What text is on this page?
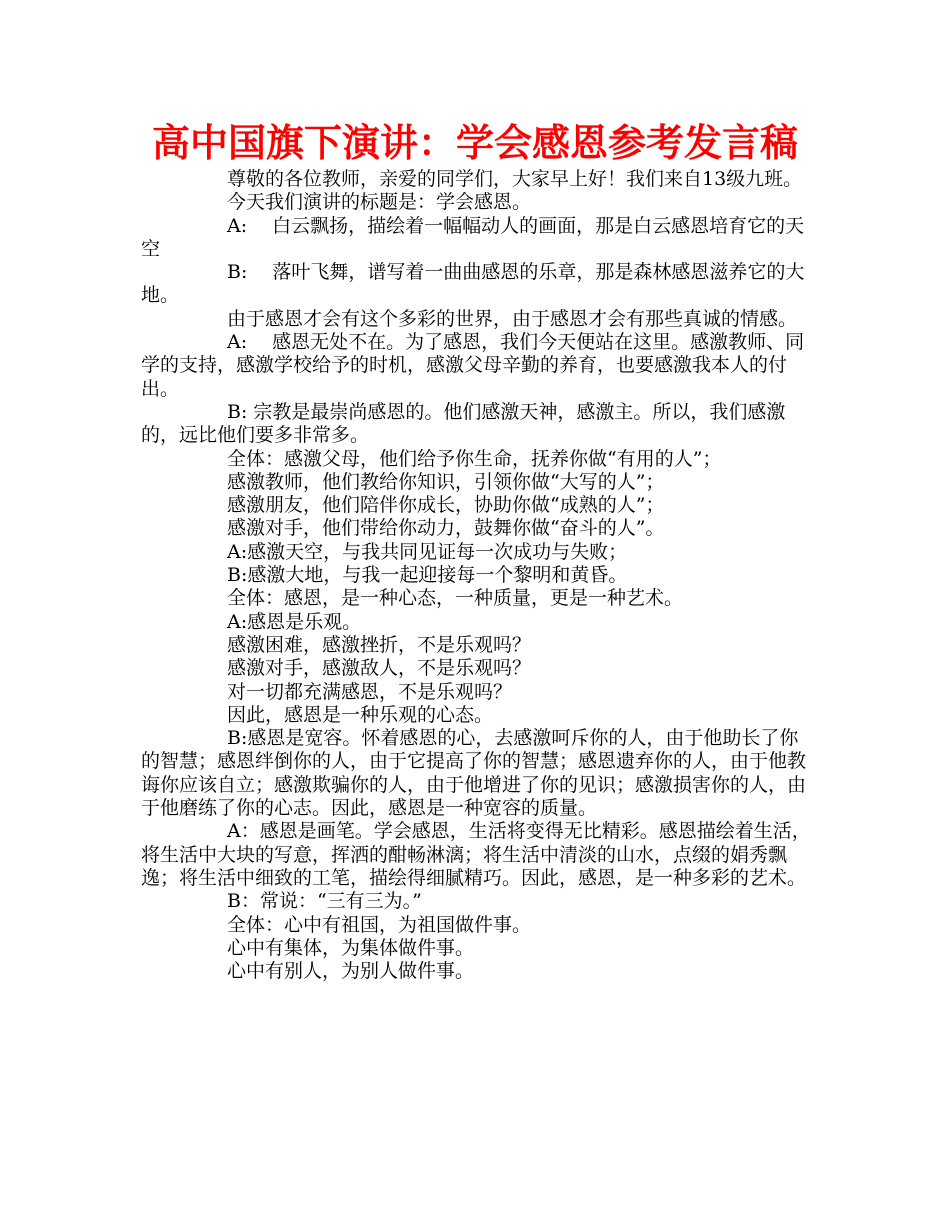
高中国旗下演讲：学会感恩参考发言稿

尊敬的各位教师，亲爱的同学们，大家早上好！我们来自13级九班。

今天我们演讲的标题是：学会感恩。

A:　 白云飘扬，描绘着一幅幅动人的画面，那是白云感恩培育它的天空

B:　 落叶飞舞，谱写着一曲曲感恩的乐章，那是森林感恩滋养它的大地。

由于感恩才会有这个多彩的世界，由于感恩才会有那些真诚的情感。

A:　 感恩无处不在。为了感恩，我们今天便站在这里。感激教师、同学的支持，感激学校给予的时机，感激父母辛勤的养育，也要感激我本人的付出。

B: 宗教是最崇尚感恩的。他们感激天神，感激主。所以，我们感激的，远比他们要多非常多。

全体：感激父母，他们给予你生命，抚养你做“有用的人”；

感激教师，他们教给你知识，引领你做“大写的人”；

感激朋友，他们陪伴你成长，协助你做“成熟的人”；

感激对手，他们带给你动力，鼓舞你做“奋斗的人”。

A:感激天空，与我共同见证每一次成功与失败；

B:感激大地，与我一起迎接每一个黎明和黄昏。

全体：感恩，是一种心态，一种质量，更是一种艺术。

A:感恩是乐观。

感激困难，感激挫折，不是乐观吗？

感激对手，感激敌人，不是乐观吗？

对一切都充满感恩，不是乐观吗？

因此，感恩是一种乐观的心态。

B:感恩是宽容。怀着感恩的心，去感激呵斥你的人，由于他助长了你的智慧；感恩绊倒你的人，由于它提高了你的智慧；感恩遗弃你的人，由于他教诲你应该自立；感激欺骗你的人，由于他增进了你的见识；感激损害你的人，由于他磨练了你的心志。因此，感恩是一种宽容的质量。

A：感恩是画笔。学会感恩，生活将变得无比精彩。感恩描绘着生活，将生活中大块的写意，挥洒的酣畅淋漓；将生活中清淡的山水，点缀的娟秀飘逸；将生活中细致的工笔，描绘得细腻精巧。因此，感恩，是一种多彩的艺术。

B：常说：“三有三为。”

全体：心中有祖国，为祖国做件事。

心中有集体，为集体做件事。

心中有别人，为别人做件事。
